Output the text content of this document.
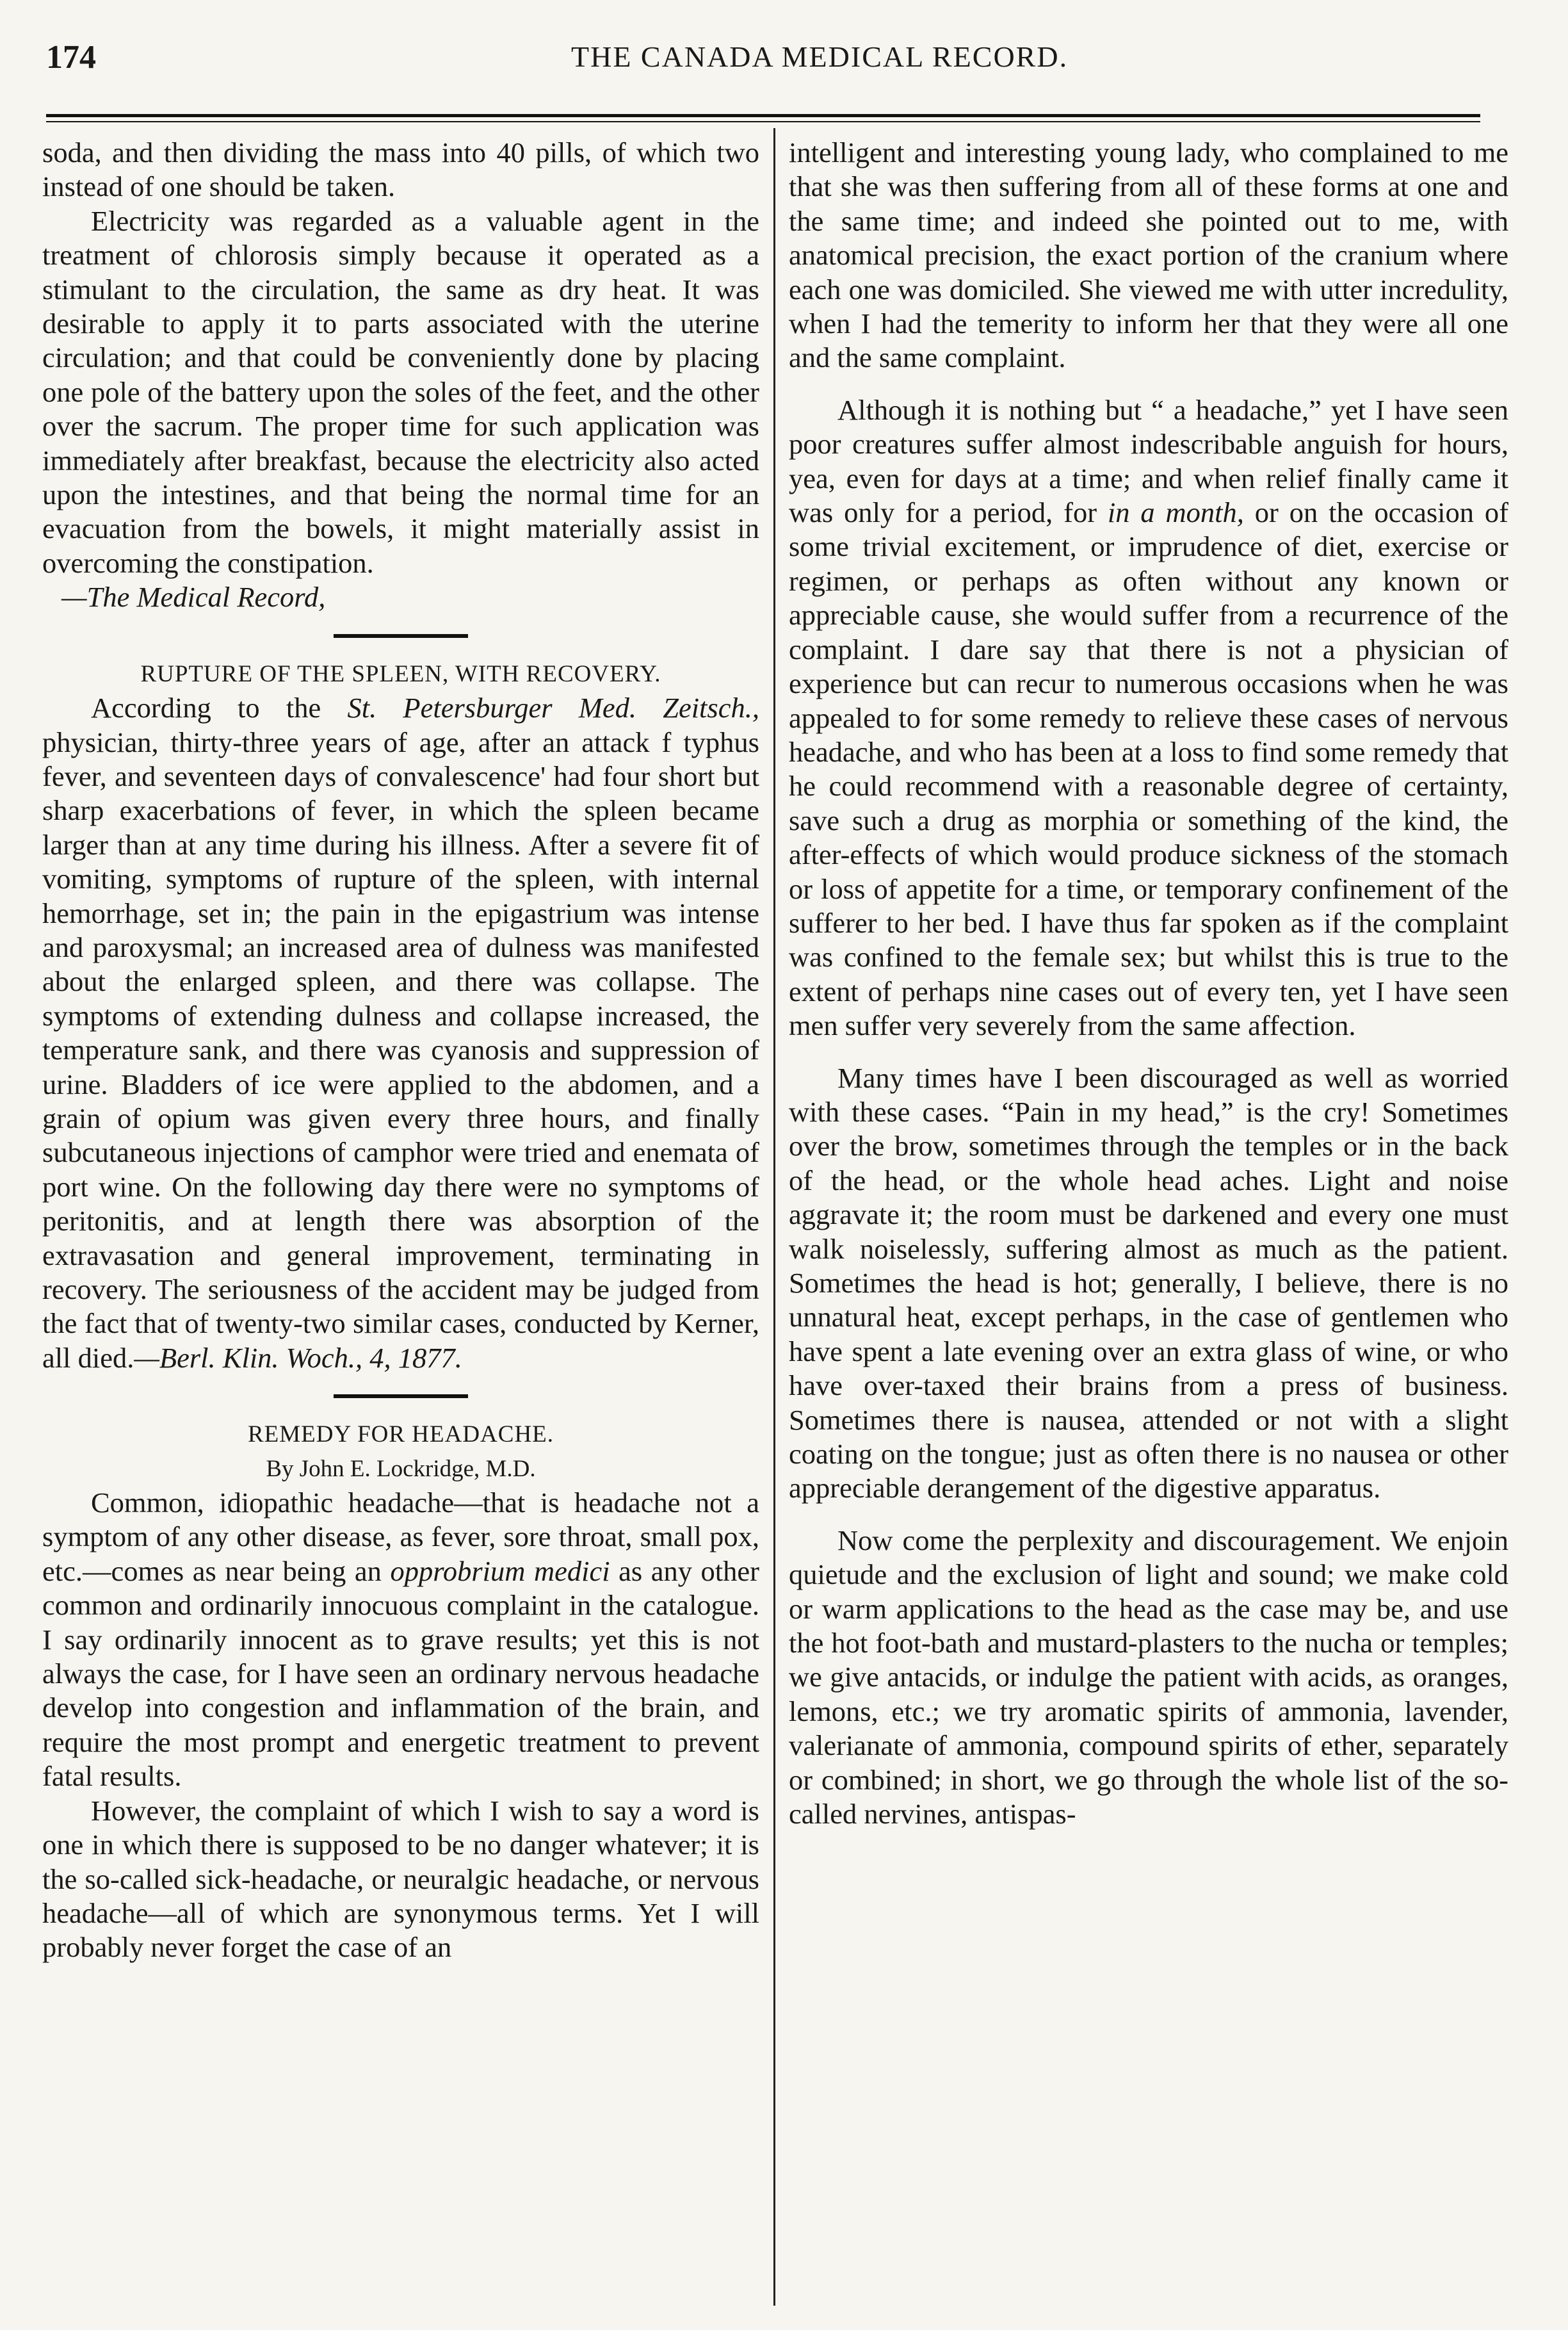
174	THE CANADA MEDICAL RECORD.

soda, and then dividing the mass into 40 pills, of which two instead of one should be taken.

Electricity was regarded as a valuable agent in the treatment of chlorosis simply because it operated as a stimulant to the circulation, the same as dry heat. It was desirable to apply it to parts associated with the uterine circulation; and that could be conveniently done by placing one pole of the battery upon the soles of the feet, and the other over the sacrum. The proper time for such application was immediately after breakfast, because the electricity also acted upon the intestines, and that being the normal time for an evacuation from the bowels, it might materially assist in overcoming the constipation.

—The Medical Record,

RUPTURE OF THE SPLEEN, WITH RECOVERY.

According to the St. Petersburger Med. Zeitsch., physician, thirty-three years of age, after an attack f typhus fever, and seventeen days of convalescence' had four short but sharp exacerbations of fever, in which the spleen became larger than at any time during his illness. After a severe fit of vomiting, symptoms of rupture of the spleen, with internal hemorrhage, set in; the pain in the epigastrium was intense and paroxysmal; an increased area of dulness was manifested about the enlarged spleen, and there was collapse. The symptoms of extending dulness and collapse increased, the temperature sank, and there was cyanosis and suppression of urine. Bladders of ice were applied to the abdomen, and a grain of opium was given every three hours, and finally subcutaneous injections of camphor were tried and enemata of port wine. On the following day there were no symptoms of peritonitis, and at length there was absorption of the extravasation and general improvement, terminating in recovery. The seriousness of the accident may be judged from the fact that of twenty-two similar cases, conducted by Kerner, all died.—Berl. Klin. Woch., 4, 1877.

REMEDY FOR HEADACHE.

By John E. Lockridge, M.D.

Common, idiopathic headache—that is headache not a symptom of any other disease, as fever, sore throat, small pox, etc.—comes as near being an opprobrium medici as any other common and ordinarily innocuous complaint in the catalogue. I say ordinarily innocent as to grave results; yet this is not always the case, for I have seen an ordinary nervous headache develop into congestion and inflammation of the brain, and require the most prompt and energetic treatment to prevent fatal results.

However, the complaint of which I wish to say a word is one in which there is supposed to be no danger whatever; it is the so-called sick-headache, or neuralgic headache, or nervous headache—all of which are synonymous terms. Yet I will probably never forget the case of an

intelligent and interesting young lady, who complained to me that she was then suffering from all of these forms at one and the same time; and indeed she pointed out to me, with anatomical precision, the exact portion of the cranium where each one was domiciled. She viewed me with utter incredulity, when I had the temerity to inform her that they were all one and the same complaint.

Although it is nothing but “ a headache,” yet I have seen poor creatures suffer almost indescribable anguish for hours, yea, even for days at a time; and when relief finally came it was only for a period, for in a month, or on the occasion of some trivial excitement, or imprudence of diet, exercise or regimen, or perhaps as often without any known or appreciable cause, she would suffer from a recurrence of the complaint. I dare say that there is not a physician of experience but can recur to numerous occasions when he was appealed to for some remedy to relieve these cases of nervous headache, and who has been at a loss to find some remedy that he could recommend with a reasonable degree of certainty, save such a drug as morphia or something of the kind, the after-effects of which would produce sickness of the stomach or loss of appetite for a time, or temporary confinement of the sufferer to her bed. I have thus far spoken as if the complaint was confined to the female sex; but whilst this is true to the extent of perhaps nine cases out of every ten, yet I have seen men suffer very severely from the same affection.

Many times have I been discouraged as well as worried with these cases. “Pain in my head,” is the cry! Sometimes over the brow, sometimes through the temples or in the back of the head, or the whole head aches. Light and noise aggravate it; the room must be darkened and every one must walk noiselessly, suffering almost as much as the patient. Sometimes the head is hot; generally, I believe, there is no unnatural heat, except perhaps, in the case of gentlemen who have spent a late evening over an extra glass of wine, or who have over-taxed their brains from a press of business. Sometimes there is nausea, attended or not with a slight coating on the tongue; just as often there is no nausea or other appreciable derangement of the digestive apparatus.

Now come the perplexity and discouragement. We enjoin quietude and the exclusion of light and sound; we make cold or warm applications to the head as the case may be, and use the hot foot-bath and mustard-plasters to the nucha or temples; we give antacids, or indulge the patient with acids, as oranges, lemons, etc.; we try aromatic spirits of ammonia, lavender, valerianate of ammonia, compound spirits of ether, separately or combined; in short, we go through the whole list of the so-called nervines, antispas-
